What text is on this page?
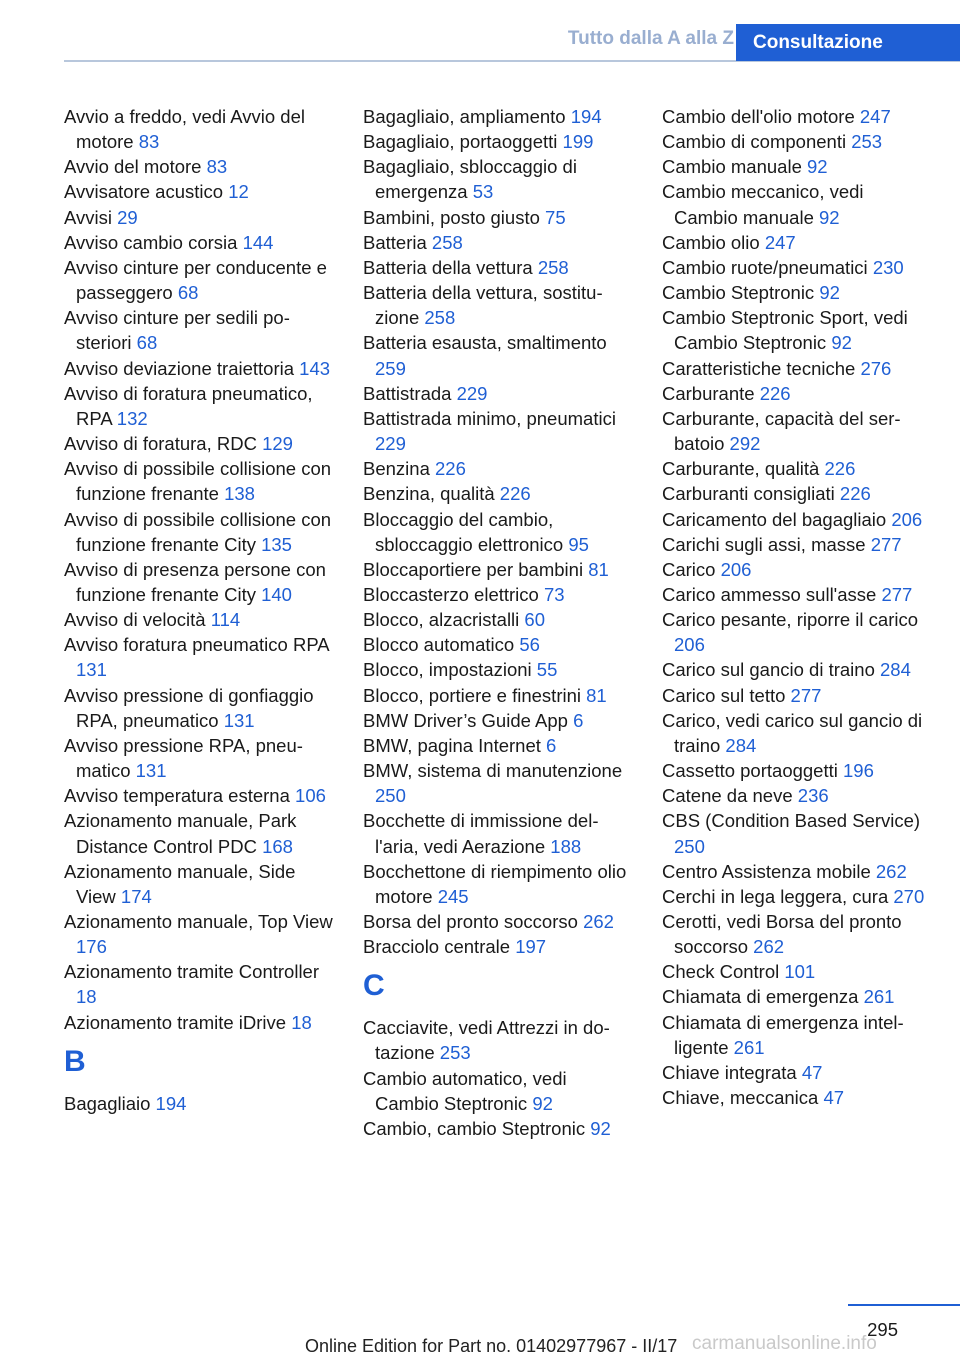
Tutto dalla A alla Z	Consultazione
Avvio a freddo, vedi Avvio del motore 83
Avvio del motore 83
Avvisatore acustico 12
Avvisi 29
Avviso cambio corsia 144
Avviso cinture per conducente e passeggero 68
Avviso cinture per sedili posteriori 68
Avviso deviazione traiettoria 143
Avviso di foratura pneumatico, RPA 132
Avviso di foratura, RDC 129
Avviso di possibile collisione con funzione frenante 138
Avviso di possibile collisione con funzione frenante City 135
Avviso di presenza persone con funzione frenante City 140
Avviso di velocità 114
Avviso foratura pneumatico RPA 131
Avviso pressione di gonfiaggio RPA, pneumatico 131
Avviso pressione RPA, pneumatico 131
Avviso temperatura esterna 106
Azionamento manuale, Park Distance Control PDC 168
Azionamento manuale, Side View 174
Azionamento manuale, Top View 176
Azionamento tramite Controller 18
Azionamento tramite iDrive 18
B
Bagagliaio 194
Bagagliaio, ampliamento 194
Bagagliaio, portaoggetti 199
Bagagliaio, sbloccaggio di emergenza 53
Bambini, posto giusto 75
Batteria 258
Batteria della vettura 258
Batteria della vettura, sostituzione 258
Batteria esausta, smaltimento 259
Battistrada 229
Battistrada minimo, pneumatici 229
Benzina 226
Benzina, qualità 226
Bloccaggio del cambio, sbloccaggio elettronico 95
Bloccaportiere per bambini 81
Bloccasterzo elettrico 73
Blocco, alzacristalli 60
Blocco automatico 56
Blocco, impostazioni 55
Blocco, portiere e finestrini 81
BMW Driver’s Guide App 6
BMW, pagina Internet 6
BMW, sistema di manutenzione 250
Bocchette di immissione dell'aria, vedi Aerazione 188
Bocchettone di riempimento olio motore 245
Borsa del pronto soccorso 262
Bracciolo centrale 197
C
Cacciavite, vedi Attrezzi in dotazione 253
Cambio automatico, vedi Cambio Steptronic 92
Cambio, cambio Steptronic 92
Cambio dell'olio motore 247
Cambio di componenti 253
Cambio manuale 92
Cambio meccanico, vedi Cambio manuale 92
Cambio olio 247
Cambio ruote/pneumatici 230
Cambio Steptronic 92
Cambio Steptronic Sport, vedi Cambio Steptronic 92
Caratteristiche tecniche 276
Carburante 226
Carburante, capacità del serbatoio 292
Carburante, qualità 226
Carburanti consigliati 226
Caricamento del bagagliaio 206
Carichi sugli assi, masse 277
Carico 206
Carico ammesso sull'asse 277
Carico pesante, riporre il carico 206
Carico sul gancio di traino 284
Carico sul tetto 277
Carico, vedi carico sul gancio di traino 284
Cassetto portaoggetti 196
Catene da neve 236
CBS (Condition Based Service) 250
Centro Assistenza mobile 262
Cerchi in lega leggera, cura 270
Cerotti, vedi Borsa del pronto soccorso 262
Check Control 101
Chiamata di emergenza 261
Chiamata di emergenza intelligente 261
Chiave integrata 47
Chiave, meccanica 47
295
Online Edition for Part no. 01402977967 - II/17 carmanualsonline.info
